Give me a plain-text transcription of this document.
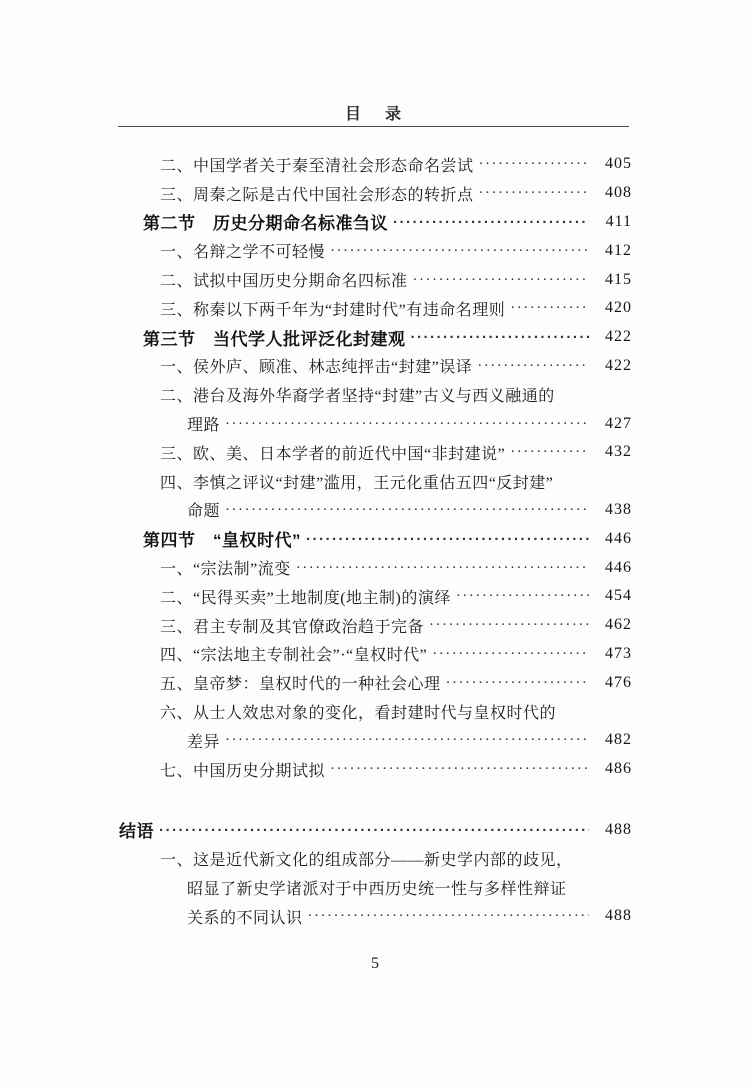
目　录
二、中国学者关于秦至清社会形态命名尝试 ·····	405
三、周秦之际是古代中国社会形态的转折点 ·····	408
第二节　历史分期命名标准刍议 ·····	411
一、名辩之学不可轻慢 ·····	412
二、试拟中国历史分期命名四标准 ·····	415
三、称秦以下两千年为“封建时代”有违命名理则 ·····	420
第三节　当代学人批评泛化封建观 ·····	422
一、侯外庐、顾准、林志纯抨击“封建”误译 ·····	422
二、港台及海外华裔学者坚持“封建”古义与西义融通的
理路 ·····	427
三、欧、美、日本学者的前近代中国“非封建说” ·····	432
四、李慎之评议“封建”滥用，王元化重估五四“反封建”
命题 ·····	438
第四节　“皇权时代” ·····	446
一、“宗法制”流变 ·····	446
二、“民得买卖”土地制度(地主制)的演绎 ·····	454
三、君主专制及其官僚政治趋于完备 ·····	462
四、“宗法地主专制社会”·“皇权时代” ·····	473
五、皇帝梦：皇权时代的一种社会心理 ·····	476
六、从士人效忠对象的变化，看封建时代与皇权时代的
差异 ·····	482
七、中国历史分期试拟 ·····	486
结语 ·····	488
一、这是近代新文化的组成部分——新史学内部的歧见，
昭显了新史学诸派对于中西历史统一性与多样性辩证
关系的不同认识 ·····	488
5
